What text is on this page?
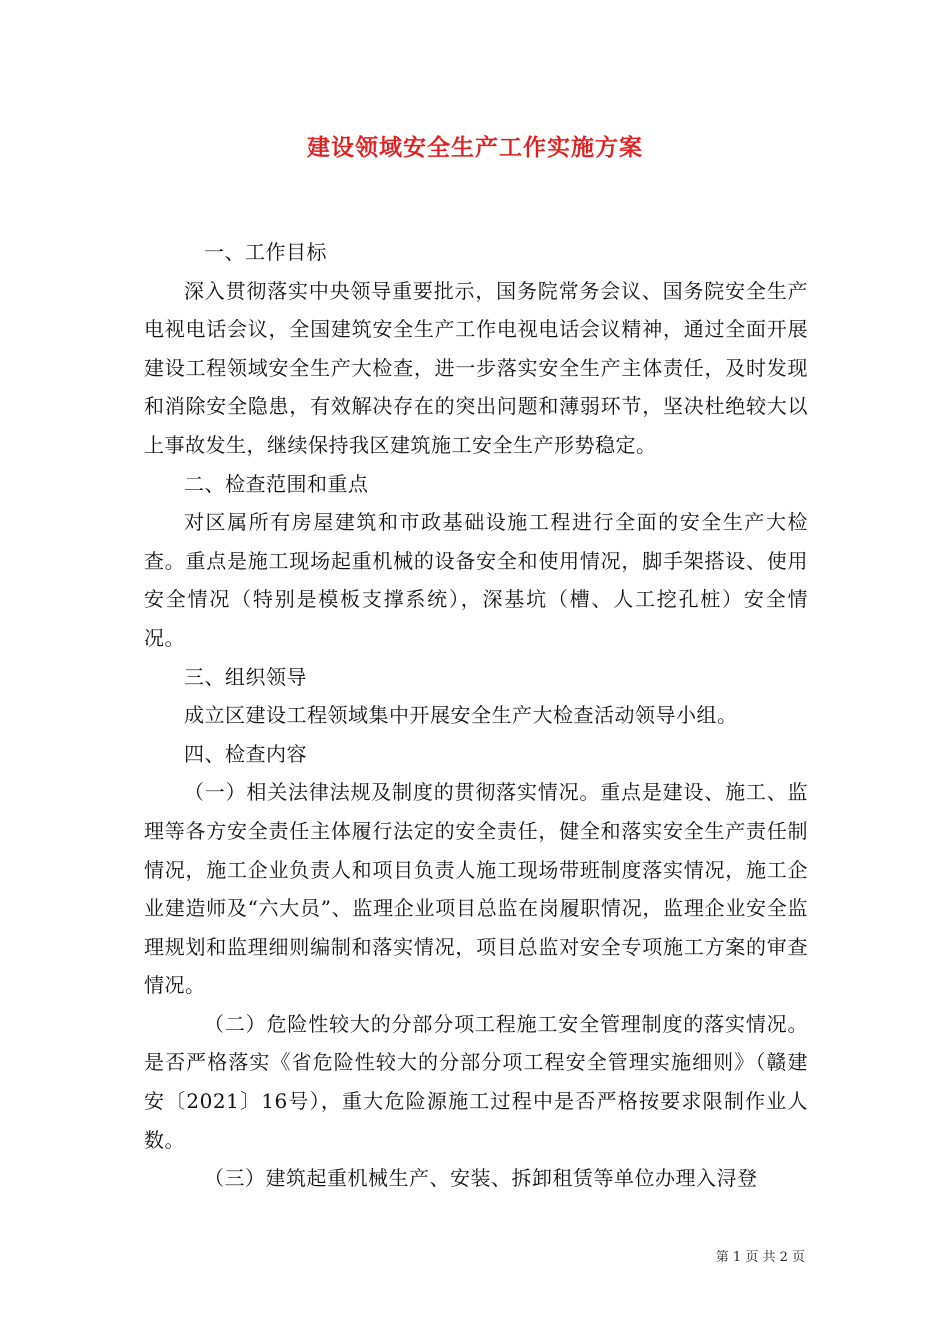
建设领域安全生产工作实施方案

一、工作目标

深入贯彻落实中央领导重要批示，国务院常务会议、国务院安全生产电视电话会议，全国建筑安全生产工作电视电话会议精神，通过全面开展建设工程领域安全生产大检查，进一步落实安全生产主体责任，及时发现和消除安全隐患，有效解决存在的突出问题和薄弱环节，坚决杜绝较大以上事故发生，继续保持我区建筑施工安全生产形势稳定。

二、检查范围和重点

对区属所有房屋建筑和市政基础设施工程进行全面的安全生产大检查。重点是施工现场起重机械的设备安全和使用情况，脚手架搭设、使用安全情况（特别是模板支撑系统），深基坑（槽、人工挖孔桩）安全情况。

三、组织领导

成立区建设工程领域集中开展安全生产大检查活动领导小组。

四、检查内容

（一）相关法律法规及制度的贯彻落实情况。重点是建设、施工、监理等各方安全责任主体履行法定的安全责任，健全和落实安全生产责任制情况，施工企业负责人和项目负责人施工现场带班制度落实情况，施工企业建造师及“六大员”、监理企业项目总监在岗履职情况，监理企业安全监理规划和监理细则编制和落实情况，项目总监对安全专项施工方案的审查情况。

（二）危险性较大的分部分项工程施工安全管理制度的落实情况。是否严格落实《省危险性较大的分部分项工程安全管理实施细则》（赣建安〔2021〕16号），重大危险源施工过程中是否严格按要求限制作业人数。

（三）建筑起重机械生产、安装、拆卸租赁等单位办理入浔登

第 1 页 共 2 页
